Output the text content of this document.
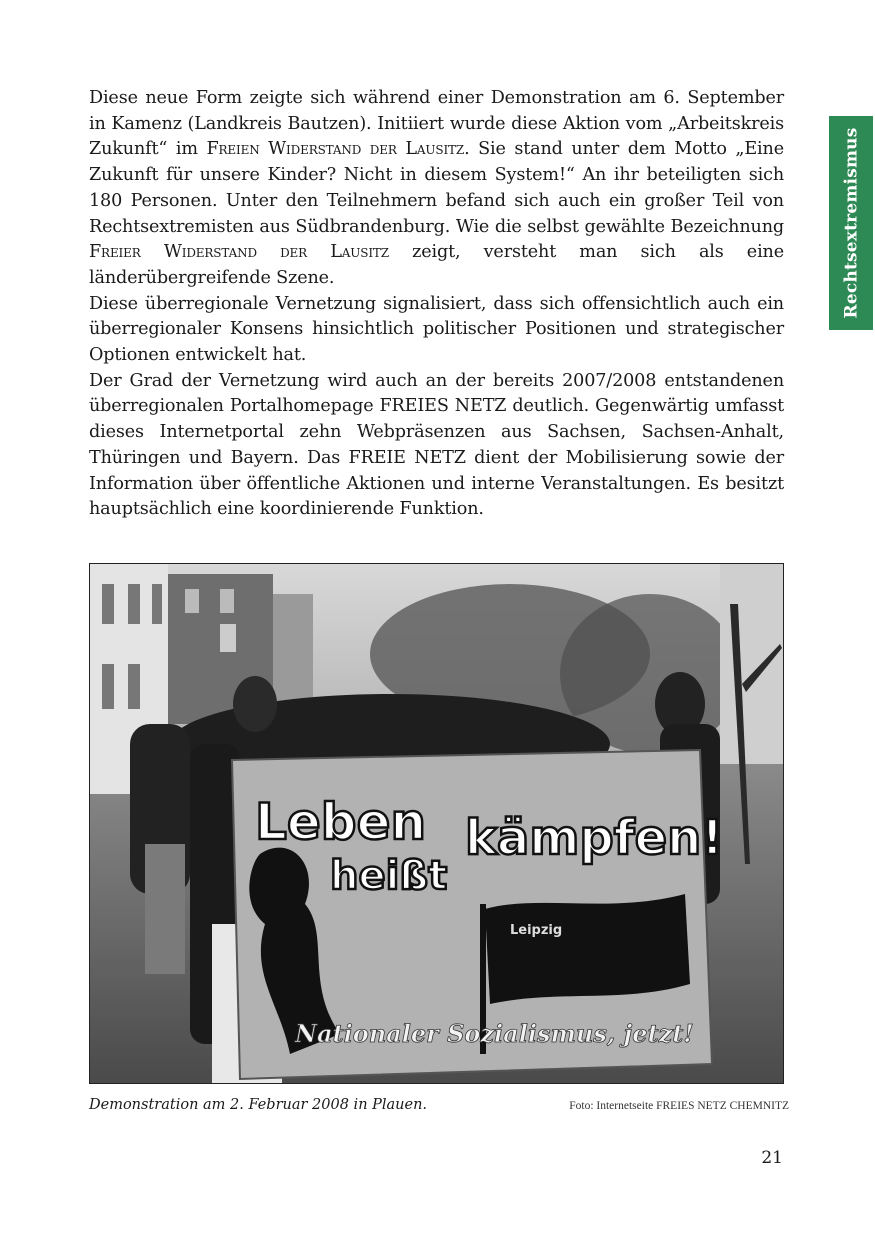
Rechtsextremismus

Diese neue Form zeigte sich während einer Demonstration am 6. September in Kamenz (Landkreis Bautzen). Initiiert wurde diese Aktion vom „Arbeitskreis Zukunft“ im Freien Widerstand der Lausitz. Sie stand unter dem Motto „Eine Zukunft für unsere Kinder? Nicht in diesem System!“ An ihr beteiligten sich 180 Personen. Unter den Teilnehmern befand sich auch ein großer Teil von Rechtsextremisten aus Südbrandenburg. Wie die selbst gewählte Bezeichnung Freier Widerstand der Lausitz zeigt, versteht man sich als eine länderübergreifende Szene.

Diese überregionale Vernetzung signalisiert, dass sich offensichtlich auch ein überregionaler Konsens hinsichtlich politischer Positionen und strategischer Optionen entwickelt hat.

Der Grad der Vernetzung wird auch an der bereits 2007/2008 entstandenen überregionalen Portalhomepage FREIES NETZ deutlich. Gegenwärtig umfasst dieses Internetportal zehn Webpräsenzen aus Sachsen, Sachsen-Anhalt, Thüringen und Bayern. Das FREIE NETZ dient der Mobilisierung sowie der Information über öffentliche Aktionen und interne Veranstaltungen. Es besitzt hauptsächlich eine koordinierende Funktion.

Leipzig
Leben
heißt
kämpfen!
Nationaler Sozialismus, jetzt!
Demonstration am 2. Februar 2008 in Plauen.	Foto: Internetseite FREIES NETZ CHEMNITZ
21
